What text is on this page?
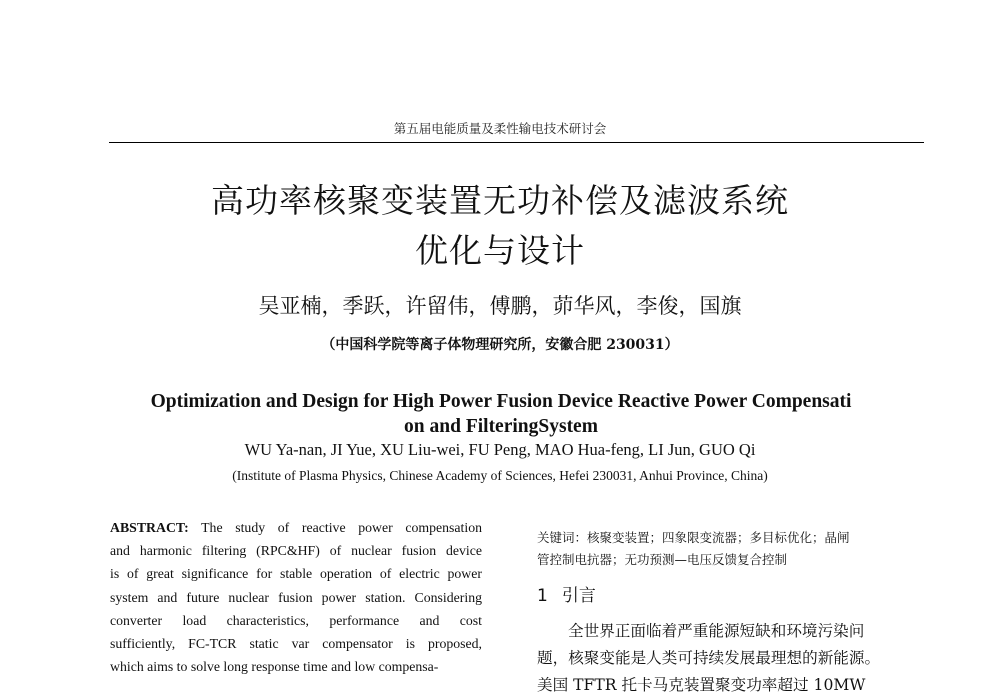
第五届电能质量及柔性输电技术研讨会
高功率核聚变装置无功补偿及滤波系统
优化与设计
吴亚楠，季跃，许留伟，傅鹏，茆华风，李俊，国旗
（中国科学院等离子体物理研究所，安徽合肥 230031）
Optimization and Design for High Power Fusion Device Reactive Power Compensati
on and FilteringSystem
WU Ya-nan, JI Yue, XU Liu-wei, FU Peng, MAO Hua-feng, LI Jun, GUO Qi
(Institute of Plasma Physics, Chinese Academy of Sciences, Hefei 230031, Anhui Province, China)
ABSTRACT: The study of reactive power compensation
and harmonic filtering (RPC&HF) of nuclear fusion device
is of great significance for stable operation of electric power
system and future nuclear fusion power station. Considering
converter load characteristics, performance and cost
sufficiently, FC-TCR static var compensator is proposed,
which aims to solve long response time and low compensa-
关键词：核聚变装置；四象限变流器；多目标优化；晶闸
管控制电抗器；无功预测—电压反馈复合控制
1 引言
全世界正面临着严重能源短缺和环境污染问
题，核聚变能是人类可持续发展最理想的新能源。
美国 TFTR 托卡马克装置聚变功率超过 10MW
